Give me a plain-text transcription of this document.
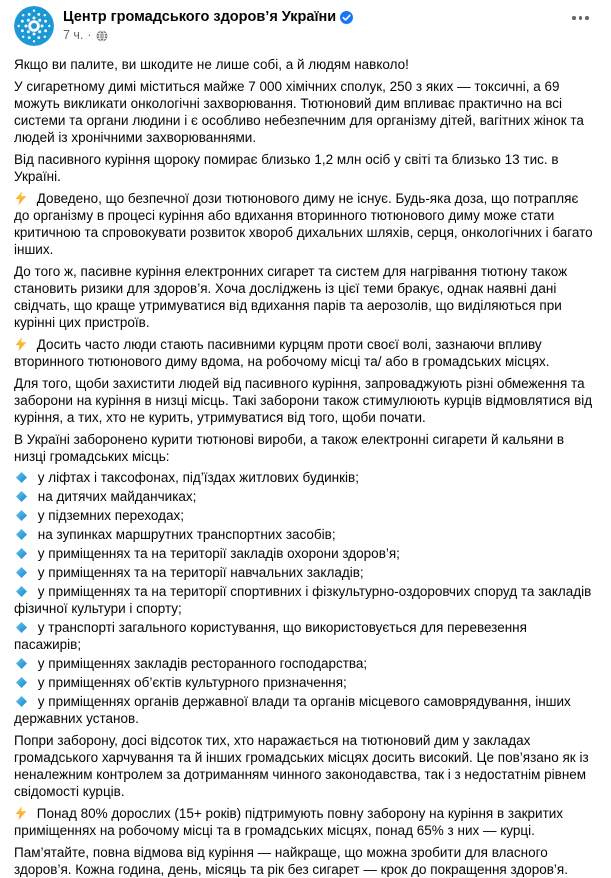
Центр громадського здоров’я України
7 ч. ·
Якщо ви палите, ви шкодите не лише собі, а й людям навколо!
У сигаретному димі міститься майже 7 000 хімічних сполук, 250 з яких — токсичні, а 69 можуть викликати онкологічні захворювання. Тютюновий дим впливає практично на всі системи та органи людини і є особливо небезпечним для організму дітей, вагітних жінок та людей із хронічними захворюваннями.
Від пасивного куріння щороку помирає близько 1,2 млн осіб у світі та близько 13 тис. в Україні.
Доведено, що безпечної дози тютюнового диму не існує. Будь-яка доза, що потрапляє до організму в процесі куріння або вдихання вторинного тютюнового диму може стати критичною та спровокувати розвиток хвороб дихальних шляхів, серця, онкологічних і багато інших.
До того ж, пасивне куріння електронних сигарет та систем для нагрівання тютюну також становить ризики для здоров’я. Хоча досліджень із цієї теми бракує, однак наявні дані свідчать, що краще утримуватися від вдихання парів та аерозолів, що виділяються при курінні цих пристроїв.
Досить часто люди стають пасивними курцям проти своєї волі, зазнаючи впливу вторинного тютюнового диму вдома, на робочому місці та/ або в громадських місцях.
Для того, щоби захистити людей від пасивного куріння, запроваджують різні обмеження та заборони на куріння в низці місць. Такі заборони також стимулюють курців відмовлятися від куріння, а тих, хто не курить, утримуватися від того, щоби почати.
В Україні заборонено курити тютюнові вироби, а також електронні сигарети й кальяни в низці громадських місць:
у ліфтах і таксофонах, під’їздах житлових будинків;
на дитячих майданчиках;
у підземних переходах;
на зупинках маршрутних транспортних засобів;
у приміщеннях та на території закладів охорони здоров’я;
у приміщеннях та на території навчальних закладів;
у приміщеннях та на території спортивних і фізкультурно-оздоровчих споруд та закладів фізичної культури і спорту;
у транспорті загального користування, що використовується для перевезення пасажирів;
у приміщеннях закладів ресторанного господарства;
у приміщеннях об’єктів культурного призначення;
у приміщеннях органів державної влади та органів місцевого самоврядування, інших державних установ.
Попри заборону, досі відсоток тих, хто наражається на тютюновий дим у закладах громадського харчування та й інших громадських місцях досить високий. Це пов’язано як із неналежним контролем за дотриманням чинного законодавства, так і з недостатнім рівнем свідомості курців.
Понад 80% дорослих (15+ років) підтримують повну заборону на куріння в закритих приміщеннях на робочому місці та в громадських місцях, понад 65% з них — курці.
Пам’ятайте, повна відмова від куріння — найкраще, що можна зробити для власного здоров’я. Кожна година, день, місяць та рік без сигарет — крок до покращення здоров’я.
